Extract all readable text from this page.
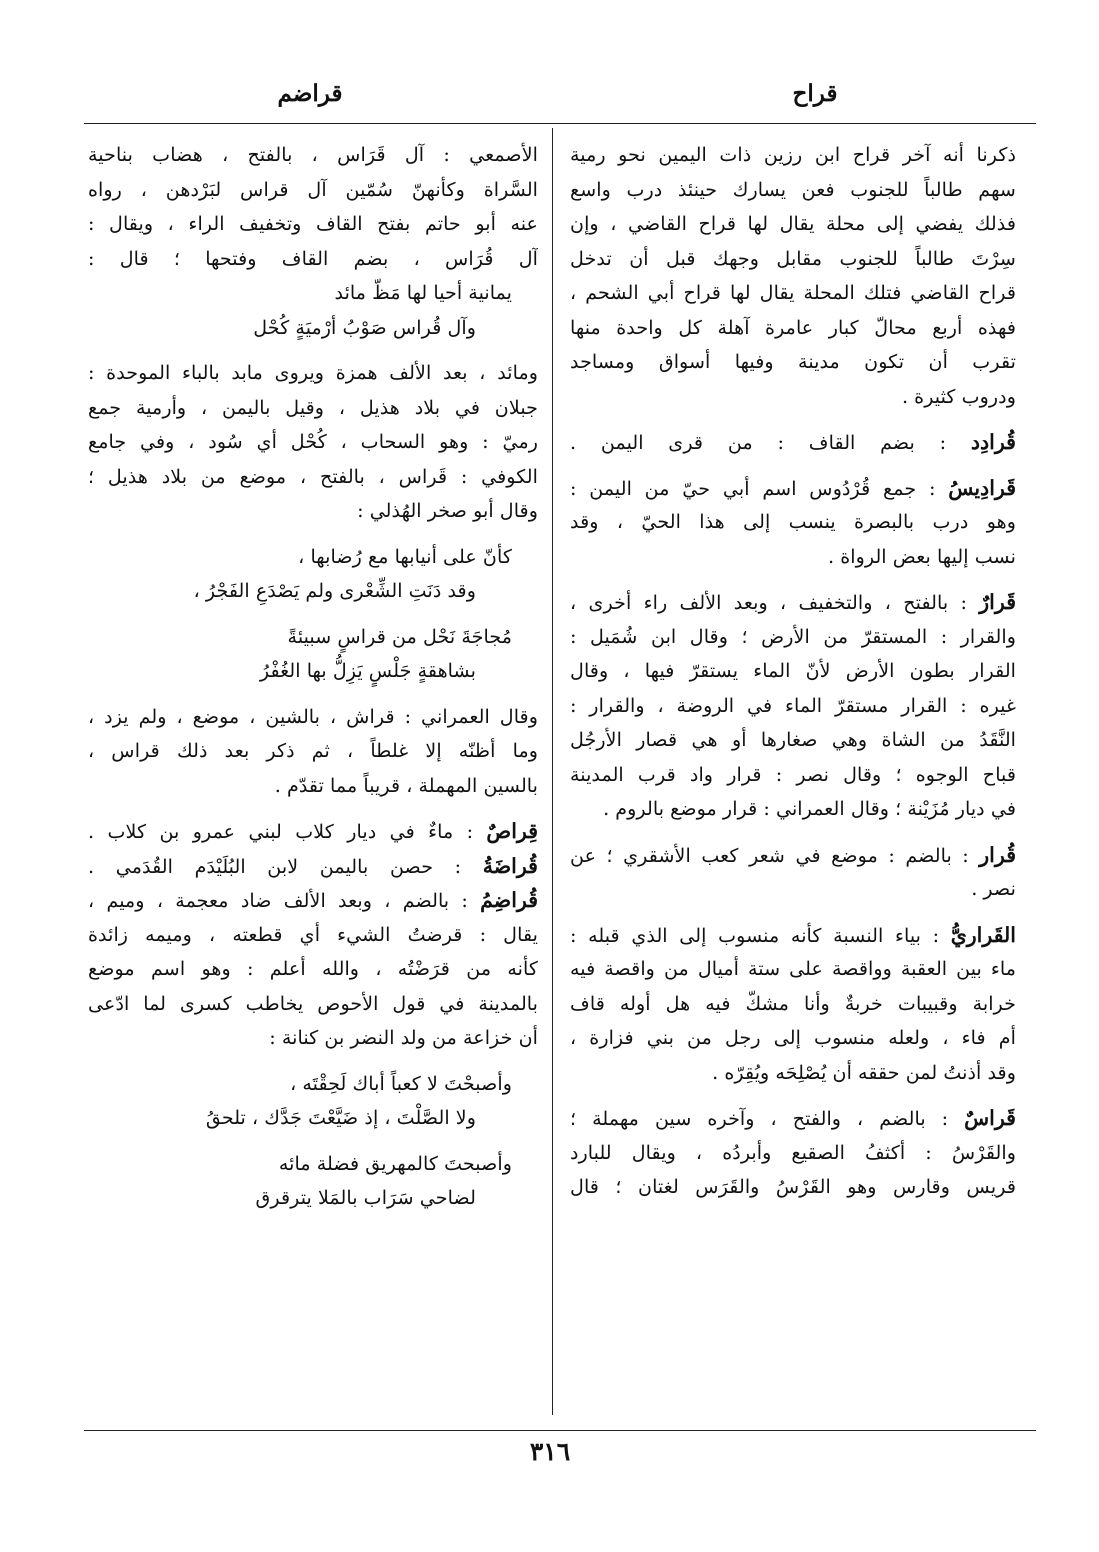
قراح
قراضم
ذكرنا أنه آخر قراح ابن رزين ذات اليمين نحو رمية
سهم طالباً للجنوب فعن يسارك حينئذ درب واسع
فذلك يفضي إلى محلة يقال لها قراح القاضي ، وإن
سِرْتَ طالباً للجنوب مقابل وجهك قبل أن تدخل
قراح القاضي فتلك المحلة يقال لها قراح أبي الشحم ،
فهذه أربع محالّ كبار عامرة آهلة كل واحدة منها
تقرب أن تكون مدينة وفيها أسواق ومساجد
ودروب كثيرة .
قُرادِد : بضم القاف : من قرى اليمن .
قَرادِيسُ : جمع قُرْدُوس اسم أبي حيّ من اليمن :
وهو درب بالبصرة ينسب إلى هذا الحيّ ، وقد
نسب إليها بعض الرواة .
قَرارٌ : بالفتح ، والتخفيف ، وبعد الألف راء أخرى ،
والقرار : المستقرّ من الأرض ؛ وقال ابن شُمَيل :
القرار بطون الأرض لأنّ الماء يستقرّ فيها ، وقال
غيره : القرار مستقرّ الماء في الروضة ، والقرار :
النَّقَدُ من الشاة وهي صغارها أو هي قصار الأرجُل
قباح الوجوه ؛ وقال نصر : قرار واد قرب المدينة
في ديار مُزَيْنة ؛ وقال العمراني : قرار موضع بالروم .
قُرار : بالضم : موضع في شعر كعب الأشقري ؛ عن
نصر .
القَراريُّ : بياء النسبة كأنه منسوب إلى الذي قبله :
ماء بين العقبة وواقصة على ستة أميال من واقصة فيه
خرابة وقبيبات خربةٌ وأنا مشكّ فيه هل أوله قاف
أم فاء ، ولعله منسوب إلى رجل من بني فزارة ،
وقد أذنتُ لمن حققه أن يُصْلِحَه ويُقِرّه .
قَراسٌ : بالضم ، والفتح ، وآخره سين مهملة ؛
والقَرْسُ : أكثفُ الصقيع وأبردُه ، ويقال للبارد
قريس وقارس وهو القَرْسُ والقَرَس لغتان ؛ قال
الأصمعي : آل قَرَاس ، بالفتح ، هضاب بناحية
السَّراة وكأنهنّ سُمّين آل قراس لبَرْدهن ، رواه
عنه أبو حاتم بفتح القاف وتخفيف الراء ، ويقال :
آل قُرَاس ، بضم القاف وفتحها ؛ قال :
يمانية أحيا لها مَظّ مائد
وآل قُراس صَوْبُ أرْميَةٍ كُحْل
ومائد ، بعد الألف همزة ويروى مابد بالباء الموحدة :
جبلان في بلاد هذيل ، وقيل باليمن ، وأرمية جمع
رميّ : وهو السحاب ، كُحْل أي سُود ، وفي جامع
الكوفي : قَراس ، بالفتح ، موضع من بلاد هذيل ؛
وقال أبو صخر الهُذلي :
كأنّ على أنيابها مع رُضابها ،
وقد دَنَتِ الشِّعْرى ولم يَصْدَعِ الفَجْرُ ،
مُجاجَةَ نَحْل من قراسٍ سبيئةً
بشاهقةٍ جَلْسٍ يَزِلُّ بها الغُفْرُ
وقال العمراني : قراش ، بالشين ، موضع ، ولم يزد ،
وما أظنّه إلا غلطاً ، ثم ذكر بعد ذلك قراس ،
بالسين المهملة ، قريباً مما تقدّم .
قِراصٌ : ماءٌ في ديار كلاب لبني عمرو بن كلاب .
قُراضَةُ : حصن باليمن لابن البُلَيْدَم القُدَمي .
قُراضِمُ : بالضم ، وبعد الألف ضاد معجمة ، وميم ،
يقال : قرضتُ الشيء أي قطعته ، وميمه زائدة
كأنه من قرَضْتُه ، والله أعلم : وهو اسم موضع
بالمدينة في قول الأحوص يخاطب كسرى لما ادّعى
أن خزاعة من ولد النضر بن كنانة :
وأصبحْتَ لا كعباً أباك لَحِقْتَه ،
ولا الصَّلْتَ ، إذ ضَيَّعْتَ جَدَّك ، تلحقُ
وأصبحتَ كالمهريق فضلة مائه
لضاحي سَرَاب بالمَلا يترقرق
٣١٦
